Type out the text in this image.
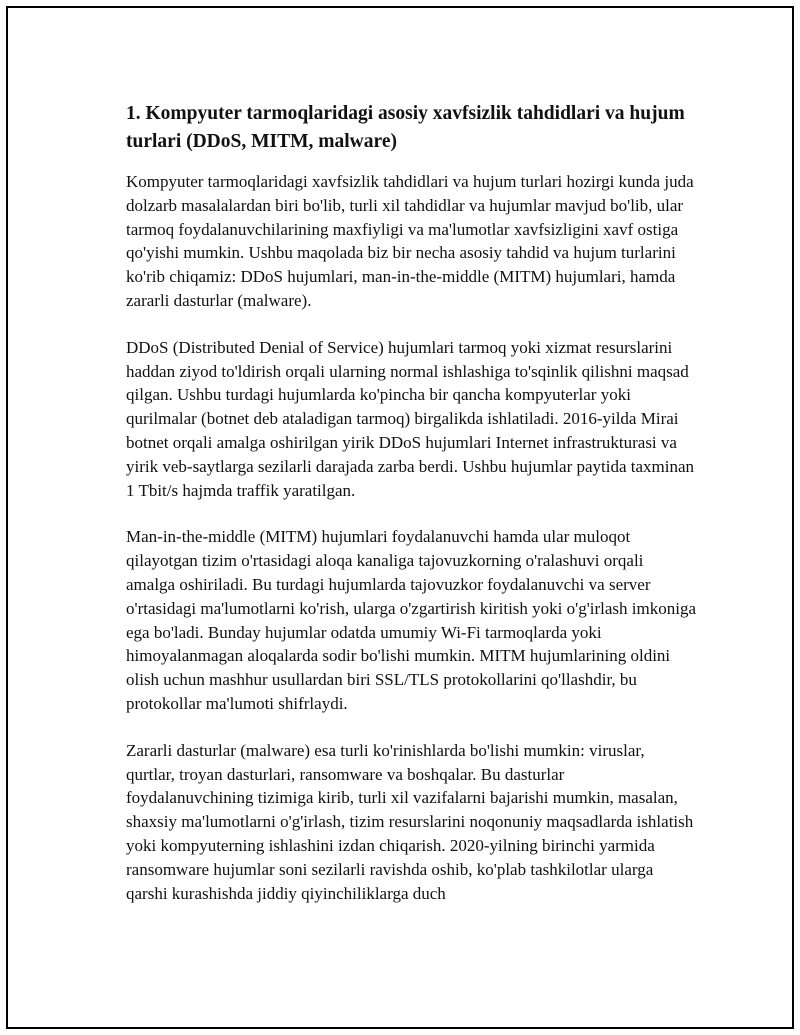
1. Kompyuter tarmoqlaridagi asosiy xavfsizlik tahdidlari va hujum turlari (DDoS, MITM, malware)

Kompyuter tarmoqlaridagi xavfsizlik tahdidlari va hujum turlari hozirgi kunda juda dolzarb masalalardan biri bo'lib, turli xil tahdidlar va hujumlar mavjud bo'lib, ular tarmoq foydalanuvchilarining maxfiyligi va ma'lumotlar xavfsizligini xavf ostiga qo'yishi mumkin. Ushbu maqolada biz bir necha asosiy tahdid va hujum turlarini ko'rib chiqamiz: DDoS hujumlari, man-in-the-middle (MITM) hujumlari, hamda zararli dasturlar (malware).

DDoS (Distributed Denial of Service) hujumlari tarmoq yoki xizmat resurslarini haddan ziyod to'ldirish orqali ularning normal ishlashiga to'sqinlik qilishni maqsad qilgan. Ushbu turdagi hujumlarda ko'pincha bir qancha kompyuterlar yoki qurilmalar (botnet deb ataladigan tarmoq) birgalikda ishlatiladi. 2016-yilda Mirai botnet orqali amalga oshirilgan yirik DDoS hujumlari Internet infrastrukturasi va yirik veb-saytlarga sezilarli darajada zarba berdi. Ushbu hujumlar paytida taxminan 1 Tbit/s hajmda traffik yaratilgan.

Man-in-the-middle (MITM) hujumlari foydalanuvchi hamda ular muloqot qilayotgan tizim o'rtasidagi aloqa kanaliga tajovuzkorning o'ralashuvi orqali amalga oshiriladi. Bu turdagi hujumlarda tajovuzkor foydalanuvchi va server o'rtasidagi ma'lumotlarni ko'rish, ularga o'zgartirish kiritish yoki o'g'irlash imkoniga ega bo'ladi. Bunday hujumlar odatda umumiy Wi-Fi tarmoqlarda yoki himoyalanmagan aloqalarda sodir bo'lishi mumkin. MITM hujumlarining oldini olish uchun mashhur usullardan biri SSL/TLS protokollarini qo'llashdir, bu protokollar ma'lumoti shifrlaydi.

Zararli dasturlar (malware) esa turli ko'rinishlarda bo'lishi mumkin: viruslar, qurtlar, troyan dasturlari, ransomware va boshqalar. Bu dasturlar foydalanuvchining tizimiga kirib, turli xil vazifalarni bajarishi mumkin, masalan, shaxsiy ma'lumotlarni o'g'irlash, tizim resurslarini noqonuniy maqsadlarda ishlatish yoki kompyuterning ishlashini izdan chiqarish. 2020-yilning birinchi yarmida ransomware hujumlar soni sezilarli ravishda oshib, ko'plab tashkilotlar ularga qarshi kurashishda jiddiy qiyinchiliklarga duch
